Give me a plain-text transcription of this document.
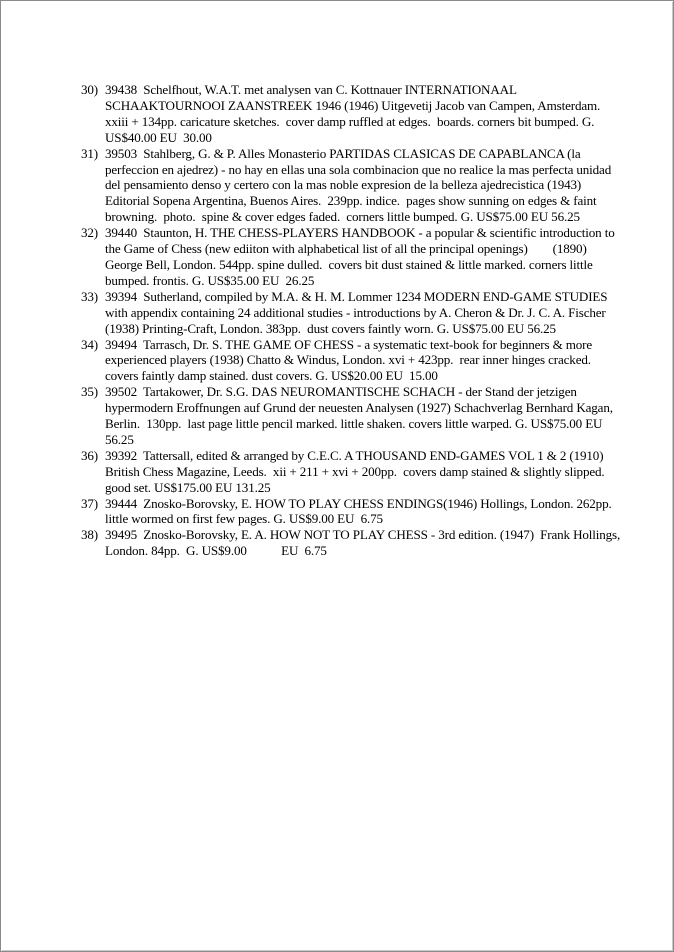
30) 39438  Schelfhout, W.A.T. met analysen van C. Kottnauer INTERNATIONAAL SCHAAKTOURNOOI ZAANSTREEK 1946 (1946) Uitgevetij Jacob van Campen, Amsterdam.  xxiii + 134pp. caricature sketches.  cover damp ruffled at edges.  boards. corners bit bumped. G. US$40.00 EU  30.00
31) 39503  Stahlberg, G. & P. Alles Monasterio PARTIDAS CLASICAS DE CAPABLANCA (la perfeccion en ajedrez) - no hay en ellas una sola combinacion que no realice la mas perfecta unidad del pensamiento denso y certero con la mas noble expresion de la belleza ajedrecistica (1943) Editorial Sopena Argentina, Buenos Aires.  239pp. indice.  pages show sunning on edges & faint browning.  photo.  spine & cover edges faded.  corners little bumped. G. US$75.00 EU 56.25
32) 39440  Staunton, H. THE CHESS-PLAYERS HANDBOOK - a popular & scientific introduction to the Game of Chess (new ediiton with alphabetical list of all the principal openings)        (1890)  George Bell, London. 544pp. spine dulled.  covers bit dust stained & little marked. corners little bumped. frontis. G. US$35.00 EU  26.25
33) 39394  Sutherland, compiled by M.A. & H. M. Lommer 1234 MODERN END-GAME STUDIES with appendix containing 24 additional studies - introductions by A. Cheron & Dr. J. C. A. Fischer          (1938) Printing-Craft, London. 383pp.  dust covers faintly worn. G. US$75.00 EU 56.25
34) 39494  Tarrasch, Dr. S. THE GAME OF CHESS - a systematic text-book for beginners & more experienced players (1938) Chatto & Windus, London. xvi + 423pp.  rear inner hinges cracked. covers faintly damp stained. dust covers. G. US$20.00 EU  15.00
35) 39502  Tartakower, Dr. S.G. DAS NEUROMANTISCHE SCHACH - der Stand der jetzigen hypermodern Eroffnungen auf Grund der neuesten Analysen (1927) Schachverlag Bernhard Kagan, Berlin.  130pp.  last page little pencil marked. little shaken. covers little warped. G. US$75.00 EU  56.25
36) 39392  Tattersall, edited & arranged by C.E.C. A THOUSAND END-GAMES VOL 1 & 2 (1910) British Chess Magazine, Leeds.  xii + 211 + xvi + 200pp.  covers damp stained & slightly slipped. good set. US$175.00 EU 131.25
37) 39444  Znosko-Borovsky, E. HOW TO PLAY CHESS ENDINGS(1946) Hollings, London. 262pp. little wormed on first few pages. G. US$9.00 EU  6.75
38) 39495  Znosko-Borovsky, E. A. HOW NOT TO PLAY CHESS - 3rd edition. (1947)  Frank Hollings, London. 84pp.  G. US$9.00           EU  6.75
